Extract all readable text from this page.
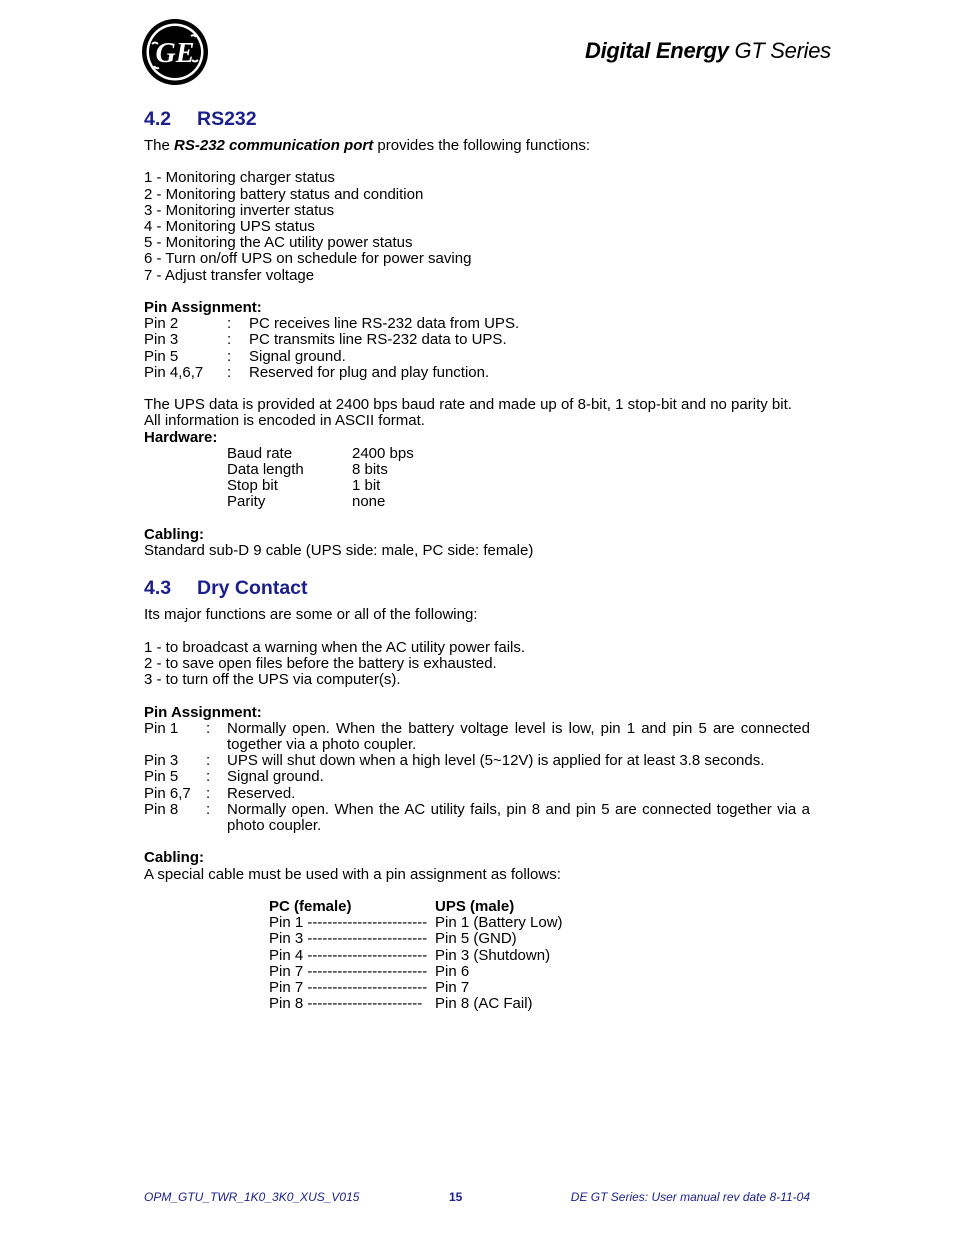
GE	Digital Energy GT Series
4.2 RS232

The RS-232 communication port provides the following functions:

1 - Monitoring charger status

2 - Monitoring battery status and condition

3 - Monitoring inverter status

4 - Monitoring UPS status

5 - Monitoring the AC utility power status

6 - Turn on/off UPS on schedule for power saving

7 - Adjust transfer voltage

Pin Assignment:

Pin 2	:	PC receives line RS-232 data from UPS.
Pin 3	:	PC transmits line RS-232 data to UPS.
Pin 5	:	Signal ground.
Pin 4,6,7	:	Reserved for plug and play function.

The UPS data is provided at 2400 bps baud rate and made up of 8-bit, 1 stop-bit and no parity bit. All information is encoded in ASCII format.

Hardware:

Baud rate	2400 bps
Data length	8 bits
Stop bit	1 bit
Parity	none

Cabling:

Standard sub-D 9 cable (UPS side: male, PC side: female)

4.3 Dry Contact

Its major functions are some or all of the following:

1 - to broadcast a warning when the AC utility power fails.

2 - to save open files before the battery is exhausted.

3 - to turn off the UPS via computer(s).

Pin Assignment:

Pin 1	:	Normally open. When the battery voltage level is low, pin 1 and pin 5 are connected together via a photo coupler.
Pin 3	:	UPS will shut down when a high level (5~12V) is applied for at least 3.8 seconds.
Pin 5	:	Signal ground.
Pin 6,7	:	Reserved.
Pin 8	:	Normally open. When the AC utility fails, pin 8 and pin 5 are connected together via a photo coupler.

Cabling:

A special cable must be used with a pin assignment as follows:

PC (female)	UPS (male)
Pin 1 ------------------------ Pin 1 (Battery Low)
Pin 3 ------------------------ Pin 5 (GND)
Pin 4 ------------------------ Pin 3 (Shutdown)
Pin 7 ------------------------ Pin 6
Pin 7 ------------------------ Pin 7
Pin 8 ----------------------- Pin 8 (AC Fail)
OPM_GTU_TWR_1K0_3K0_XUS_V015	15	DE GT Series: User manual rev date 8-11-04
